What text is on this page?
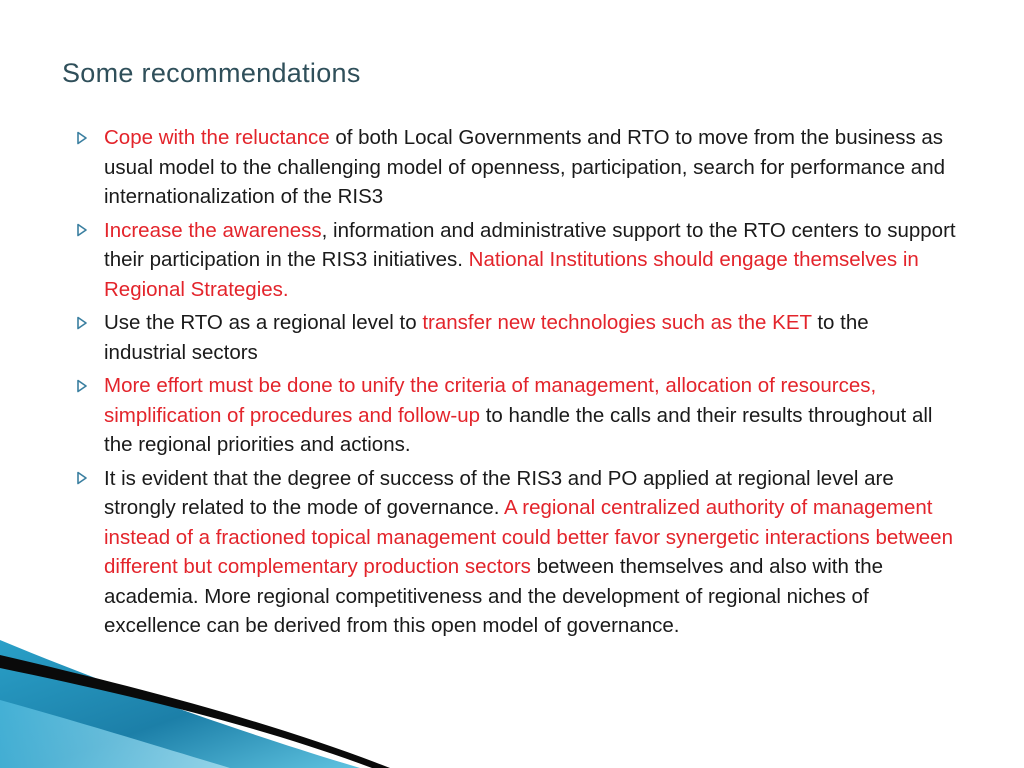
Some recommendations
Cope with the reluctance of both Local Governments and RTO to move from the business as usual model to the challenging model of openness, participation, search for performance and internationalization of the RIS3
Increase the awareness, information and administrative support to the RTO centers to support their participation in the RIS3 initiatives. National Institutions should engage themselves in Regional Strategies.
Use the RTO as a regional level to transfer new technologies such as the KET to the industrial sectors
More effort must be done to unify the criteria of management, allocation of resources, simplification of procedures and follow-up to handle the calls and their results throughout all the regional priorities and actions.
It is evident that the degree of success of the RIS3 and PO applied at regional level are strongly related to the mode of governance. A regional centralized authority of management instead of a fractioned topical management could better favor synergetic interactions between different but complementary production sectors between themselves and also with the academia. More regional competitiveness and the development of regional niches of excellence can be derived from this open model of governance.
